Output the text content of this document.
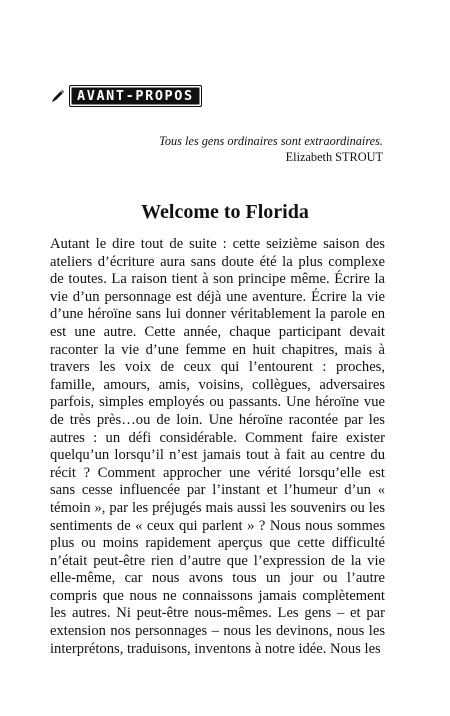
AVANT-PROPOS
Tous les gens ordinaires sont extraordinaires.
Elizabeth STROUT
Welcome to Florida

Autant le dire tout de suite : cette seizième saison des ateliers d’écriture aura sans doute été la plus complexe de toutes. La raison tient à son principe même. Écrire la vie d’un personnage est déjà une aventure. Écrire la vie d’une héroïne sans lui donner véritablement la parole en est une autre. Cette année, chaque participant devait raconter la vie d’une femme en huit chapitres, mais à travers les voix de ceux qui l’entourent : proches, famille, amours, amis, voisins, collègues, adversaires parfois, simples employés ou passants. Une héroïne vue de très près…ou de loin. Une héroïne racontée par les autres : un défi considérable. Comment faire exister quelqu’un lorsqu’il n’est jamais tout à fait au centre du récit ? Comment approcher une vérité lorsqu’elle est sans cesse influencée par l’instant et l’humeur d’un « témoin », par les préjugés mais aussi les souvenirs ou les sentiments de « ceux qui parlent » ? Nous nous sommes plus ou moins rapidement aperçus que cette difficulté n’était peut-être rien d’autre que l’expression de la vie elle-même, car nous avons tous un jour ou l’autre compris que nous ne connaissons jamais complètement les autres. Ni peut-être nous-mêmes. Les gens – et par extension nos personnages – nous les devinons, nous les interprétons, traduisons, inventons à notre idée. Nous les
